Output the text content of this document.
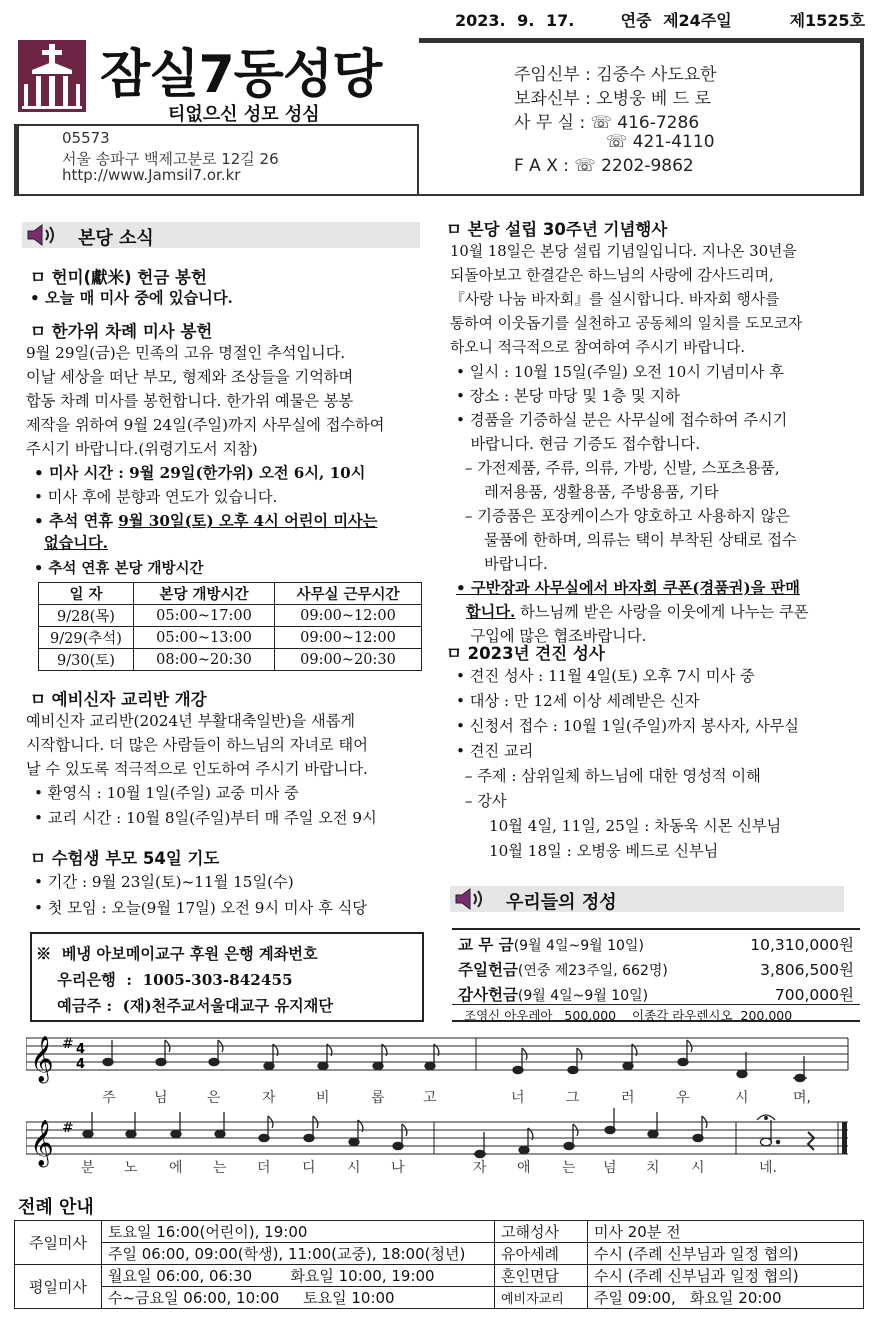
2023. 9. 17.	연중 제24주일	제1525호
잠실7동성당
티없으신 성모 성심
05573
서울 송파구 백제고분로 12길 26
http://www.Jamsil7.or.kr
주임신부 : 김중수 사도요한
보좌신부 : 오병웅 베 드 로
사 무 실 : ☏ 416-7286
☏ 421-4110
F A X : ☏ 2202-9862
본당 소식
ㅁ 헌미(獻米) 헌금 봉헌
• 오늘 매 미사 중에 있습니다.
ㅁ 한가위 차례 미사 봉헌
9월 29일(금)은 민족의 고유 명절인 추석입니다.
이날 세상을 떠난 부모, 형제와 조상들을 기억하며
합동 차례 미사를 봉헌합니다. 한가위 예물은 봉봉
제작을 위하여 9월 24일(주일)까지 사무실에 접수하여
주시기 바랍니다.(위령기도서 지참)
• 미사 시간 : 9월 29일(한가위) 오전 6시, 10시
• 미사 후에 분향과 연도가 있습니다.
• 추석 연휴 9월 30일(토) 오후 4시 어린이 미사는
없습니다.
• 추석 연휴 본당 개방시간
일 자	본당 개방시간	사무실 근무시간
9/28(목)	05:00~17:00	09:00~12:00
9/29(추석)	05:00~13:00	09:00~12:00
9/30(토)	08:00~20:30	09:00~20:30
ㅁ 예비신자 교리반 개강
예비신자 교리반(2024년 부활대축일반)을 새롭게
시작합니다. 더 많은 사람들이 하느님의 자녀로 태어
날 수 있도록 적극적으로 인도하여 주시기 바랍니다.
• 환영식 : 10월 1일(주일) 교중 미사 중
• 교리 시간 : 10월 8일(주일)부터 매 주일 오전 9시
ㅁ 수험생 부모 54일 기도
• 기간 : 9월 23일(토)~11월 15일(수)
• 첫 모임 : 오늘(9월 17일) 오전 9시 미사 후 식당
※  베냉 아보메이교구 후원 은행 계좌번호
우리은행  :  1005-303-842455
예금주 :  (재)천주교서울대교구 유지재단
ㅁ 본당 설립 30주년 기념행사
10월 18일은 본당 설립 기념일입니다. 지나온 30년을
되돌아보고 한결같은 하느님의 사랑에 감사드리며,
『사랑 나눔 바자회』를 실시합니다. 바자회 행사를
통하여 이웃돕기를 실천하고 공동체의 일치를 도모코자
하오니 적극적으로 참여하여 주시기 바랍니다.
• 일시 : 10월 15일(주일) 오전 10시 기념미사 후
• 장소 : 본당 마당 및 1층 및 지하
• 경품을 기증하실 분은 사무실에 접수하여 주시기
바랍니다. 현금 기증도 접수합니다.
– 가전제품, 주류, 의류, 가방, 신발, 스포츠용품,
레저용품, 생활용품, 주방용품, 기타
– 기증품은 포장케이스가 양호하고 사용하지 않은
물품에 한하며, 의류는 택이 부착된 상태로 접수
바랍니다.
• 구반장과 사무실에서 바자회 쿠폰(경품권)을 판매
합니다. 하느님께 받은 사랑을 이웃에게 나누는 쿠폰
구입에 많은 협조바랍니다.
ㅁ 2023년 견진 성사
• 견진 성사 : 11월 4일(토) 오후 7시 미사 중
• 대상 : 만 12세 이상 세례받은 신자
• 신청서 접수 : 10월 1일(주일)까지 봉사자, 사무실
• 견진 교리
– 주제 : 삼위일체 하느님에 대한 영성적 이해
– 강사
10월 4일, 11일, 25일 : 차동욱 시몬 신부님
10월 18일 : 오병웅 베드로 신부님
우리들의 정성
교 무 금(9월 4일~9월 10일)	10,310,000원
주일헌금(연중 제23주일, 662명)	3,806,500원
감사헌금(9월 4일~9월 10일)	700,000원
조영신 아우레아   500,000    이종각 라우렌시오  200,000
𝄞
𝄞
#
#
4
4
주	님	은	자	비	롭	고	너	그	러	우	시	며,
분 노 에 는 더 디 시 나	자 애 는 넘 치 시	네.
전례 안내
주일미사	토요일 16:00(어린이), 19:00	고해성사	미사 20분 전
	주일 06:00, 09:00(학생), 11:00(교중), 18:00(청년)	유아세례	수시 (주례 신부님과 일정 협의)
평일미사	월요일 06:00, 06:30        화요일 10:00, 19:00	혼인면담	수시 (주례 신부님과 일정 협의)
	수~금요일 06:00, 10:00     토요일 10:00	예비자교리	주일 09:00,   화요일 20:00
